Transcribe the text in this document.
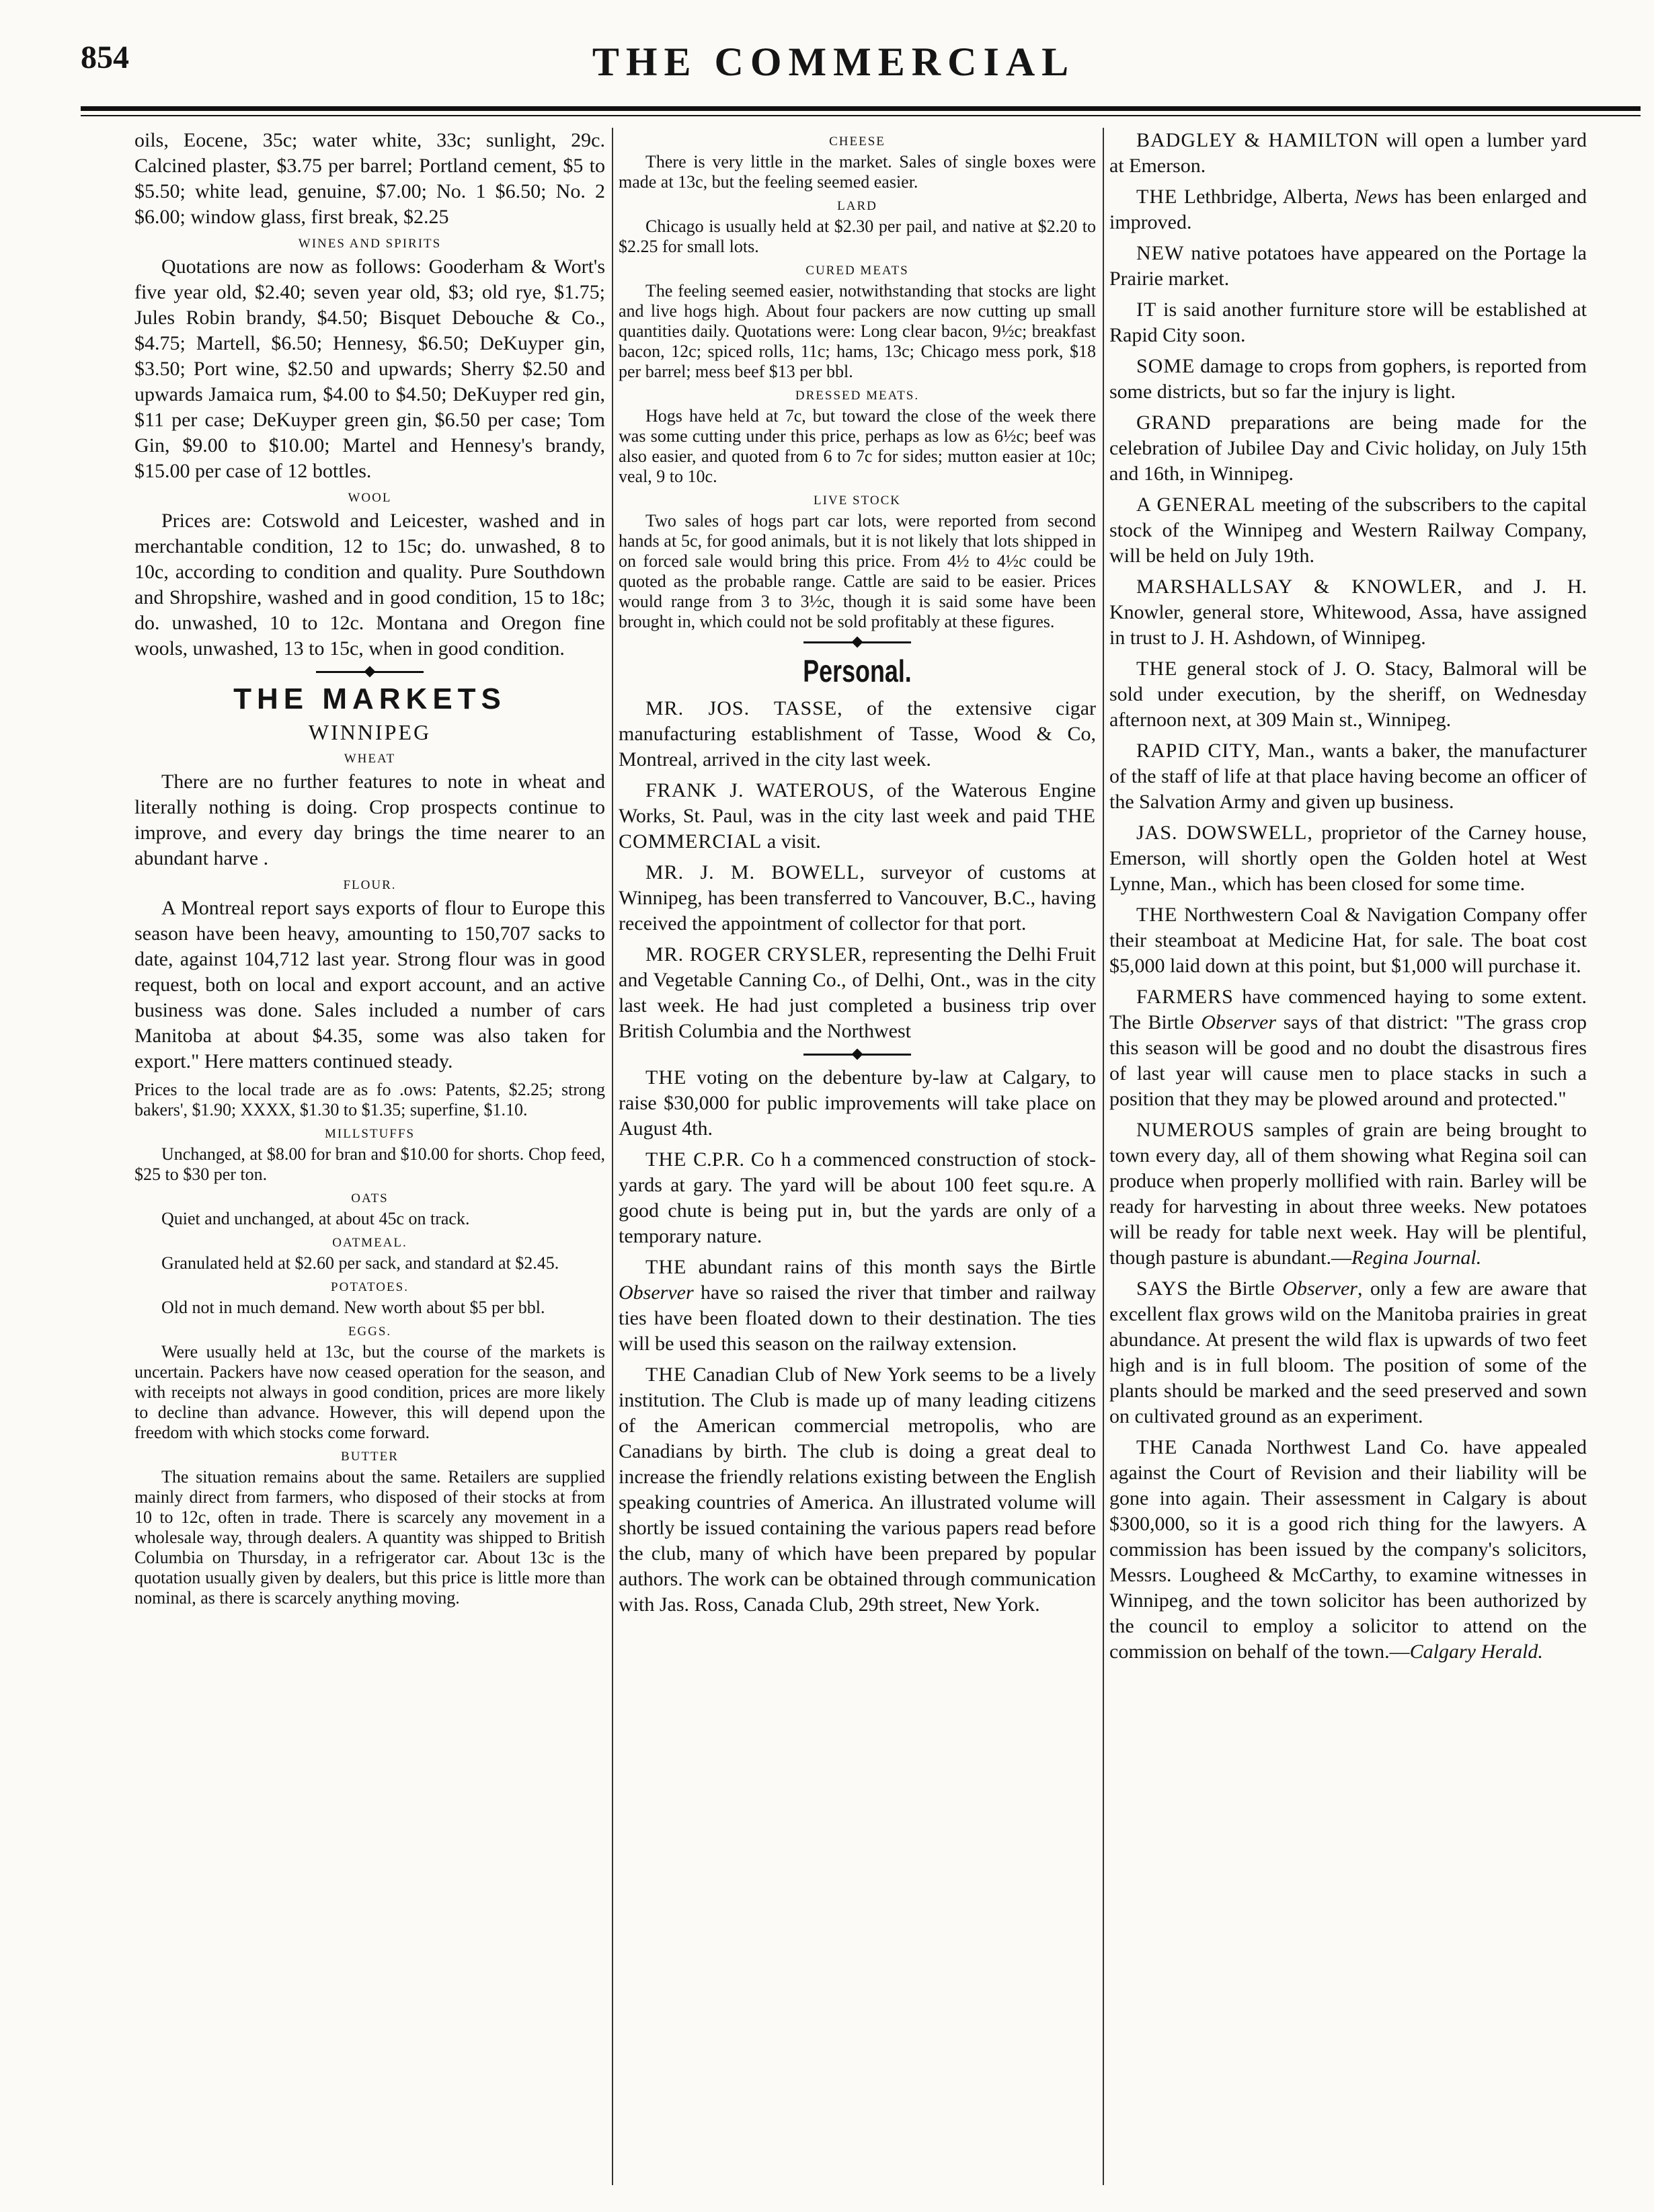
854	THE COMMERCIAL

oils, Eocene, 35c; water white, 33c; sunlight, 29c. Calcined plaster, $3.75 per barrel; Portland cement, $5 to $5.50; white lead, genuine, $7.00; No. 1 $6.50; No. 2 $6.00; window glass, first break, $2.25

WINES AND SPIRITS

Quotations are now as follows: Gooderham & Wort's five year old, $2.40; seven year old, $3; old rye, $1.75; Jules Robin brandy, $4.50; Bisquet Debouche & Co., $4.75; Martell, $6.50; Hennesy, $6.50; DeKuyper gin, $3.50; Port wine, $2.50 and upwards; Sherry $2.50 and upwards Jamaica rum, $4.00 to $4.50; DeKuyper red gin, $11 per case; DeKuyper green gin, $6.50 per case; Tom Gin, $9.00 to $10.00; Martel and Hennesy's brandy, $15.00 per case of 12 bottles.

WOOL

Prices are: Cotswold and Leicester, washed and in merchantable condition, 12 to 15c; do. unwashed, 8 to 10c, according to condition and quality. Pure Southdown and Shropshire, washed and in good condition, 15 to 18c; do. unwashed, 10 to 12c. Montana and Oregon fine wools, unwashed, 13 to 15c, when in good condition.

THE MARKETS
WINNIPEG
WHEAT

There are no further features to note in wheat and literally nothing is doing. Crop prospects continue to improve, and every day brings the time nearer to an abundant harve .

FLOUR.

A Montreal report says exports of flour to Europe this season have been heavy, amounting to 150,707 sacks to date, against 104,712 last year. Strong flour was in good request, both on local and export account, and an active business was done. Sales included a number of cars Manitoba at about $4.35, some was also taken for export." Here matters continued steady.

Prices to the local trade are as fo .ows: Patents, $2.25; strong bakers', $1.90; XXXX, $1.30 to $1.35; superfine, $1.10.

MILLSTUFFS

Unchanged, at $8.00 for bran and $10.00 for shorts. Chop feed, $25 to $30 per ton.

OATS

Quiet and unchanged, at about 45c on track.

OATMEAL.

Granulated held at $2.60 per sack, and standard at $2.45.

POTATOES.

Old not in much demand. New worth about $5 per bbl.

EGGS.

Were usually held at 13c, but the course of the markets is uncertain. Packers have now ceased operation for the season, and with receipts not always in good condition, prices are more likely to decline than advance. However, this will depend upon the freedom with which stocks come forward.

BUTTER

The situation remains about the same. Retailers are supplied mainly direct from farmers, who disposed of their stocks at from 10 to 12c, often in trade. There is scarcely any movement in a wholesale way, through dealers. A quantity was shipped to British Columbia on Thursday, in a refrigerator car. About 13c is the quotation usually given by dealers, but this price is little more than nominal, as there is scarcely anything moving.

CHEESE

There is very little in the market. Sales of single boxes were made at 13c, but the feeling seemed easier.

LARD

Chicago is usually held at $2.30 per pail, and native at $2.20 to $2.25 for small lots.

CURED MEATS

The feeling seemed easier, notwithstanding that stocks are light and live hogs high. About four packers are now cutting up small quantities daily. Quotations were: Long clear bacon, 9½c; breakfast bacon, 12c; spiced rolls, 11c; hams, 13c; Chicago mess pork, $18 per barrel; mess beef $13 per bbl.

DRESSED MEATS.

Hogs have held at 7c, but toward the close of the week there was some cutting under this price, perhaps as low as 6½c; beef was also easier, and quoted from 6 to 7c for sides; mutton easier at 10c; veal, 9 to 10c.

LIVE STOCK

Two sales of hogs part car lots, were reported from second hands at 5c, for good animals, but it is not likely that lots shipped in on forced sale would bring this price. From 4½ to 4½c could be quoted as the probable range. Cattle are said to be easier. Prices would range from 3 to 3½c, though it is said some have been brought in, which could not be sold profitably at these figures.

Personal.

MR. JOS. TASSE, of the extensive cigar manufacturing establishment of Tasse, Wood & Co, Montreal, arrived in the city last week.

FRANK J. WATEROUS, of the Waterous Engine Works, St. Paul, was in the city last week and paid THE COMMERCIAL a visit.

MR. J. M. BOWELL, surveyor of customs at Winnipeg, has been transferred to Vancouver, B.C., having received the appointment of collector for that port.

MR. ROGER CRYSLER, representing the Delhi Fruit and Vegetable Canning Co., of Delhi, Ont., was in the city last week. He had just completed a business trip over British Columbia and the Northwest

THE voting on the debenture by-law at Calgary, to raise $30,000 for public improvements will take place on August 4th.

THE C.P.R. Co h a commenced construction of stock-yards at gary. The yard will be about 100 feet squ.re. A good chute is being put in, but the yards are only of a temporary nature.

THE abundant rains of this month says the Birtle Observer have so raised the river that timber and railway ties have been floated down to their destination. The ties will be used this season on the railway extension.

THE Canadian Club of New York seems to be a lively institution. The Club is made up of many leading citizens of the American commercial metropolis, who are Canadians by birth. The club is doing a great deal to increase the friendly relations existing between the English speaking countries of America. An illustrated volume will shortly be issued containing the various papers read before the club, many of which have been prepared by popular authors. The work can be obtained through communication with Jas. Ross, Canada Club, 29th street, New York.

BADGLEY & HAMILTON will open a lumber yard at Emerson.

THE Lethbridge, Alberta, News has been enlarged and improved.

NEW native potatoes have appeared on the Portage la Prairie market.

IT is said another furniture store will be established at Rapid City soon.

SOME damage to crops from gophers, is reported from some districts, but so far the injury is light.

GRAND preparations are being made for the celebration of Jubilee Day and Civic holiday, on July 15th and 16th, in Winnipeg.

A GENERAL meeting of the subscribers to the capital stock of the Winnipeg and Western Railway Company, will be held on July 19th.

MARSHALLSAY & KNOWLER, and J. H. Knowler, general store, Whitewood, Assa, have assigned in trust to J. H. Ashdown, of Winnipeg.

THE general stock of J. O. Stacy, Balmoral will be sold under execution, by the sheriff, on Wednesday afternoon next, at 309 Main st., Winnipeg.

RAPID CITY, Man., wants a baker, the manufacturer of the staff of life at that place having become an officer of the Salvation Army and given up business.

JAS. DOWSWELL, proprietor of the Carney house, Emerson, will shortly open the Golden hotel at West Lynne, Man., which has been closed for some time.

THE Northwestern Coal & Navigation Company offer their steamboat at Medicine Hat, for sale. The boat cost $5,000 laid down at this point, but $1,000 will purchase it.

FARMERS have commenced haying to some extent. The Birtle Observer says of that district: "The grass crop this season will be good and no doubt the disastrous fires of last year will cause men to place stacks in such a position that they may be plowed around and protected."

NUMEROUS samples of grain are being brought to town every day, all of them showing what Regina soil can produce when properly mollified with rain. Barley will be ready for harvesting in about three weeks. New potatoes will be ready for table next week. Hay will be plentiful, though pasture is abundant.—Regina Journal.

SAYS the Birtle Observer, only a few are aware that excellent flax grows wild on the Manitoba prairies in great abundance. At present the wild flax is upwards of two feet high and is in full bloom. The position of some of the plants should be marked and the seed preserved and sown on cultivated ground as an experiment.

THE Canada Northwest Land Co. have appealed against the Court of Revision and their liability will be gone into again. Their assessment in Calgary is about $300,000, so it is a good rich thing for the lawyers. A commission has been issued by the company's solicitors, Messrs. Lougheed & McCarthy, to examine witnesses in Winnipeg, and the town solicitor has been authorized by the council to employ a solicitor to attend on the commission on behalf of the town.—Calgary Herald.
